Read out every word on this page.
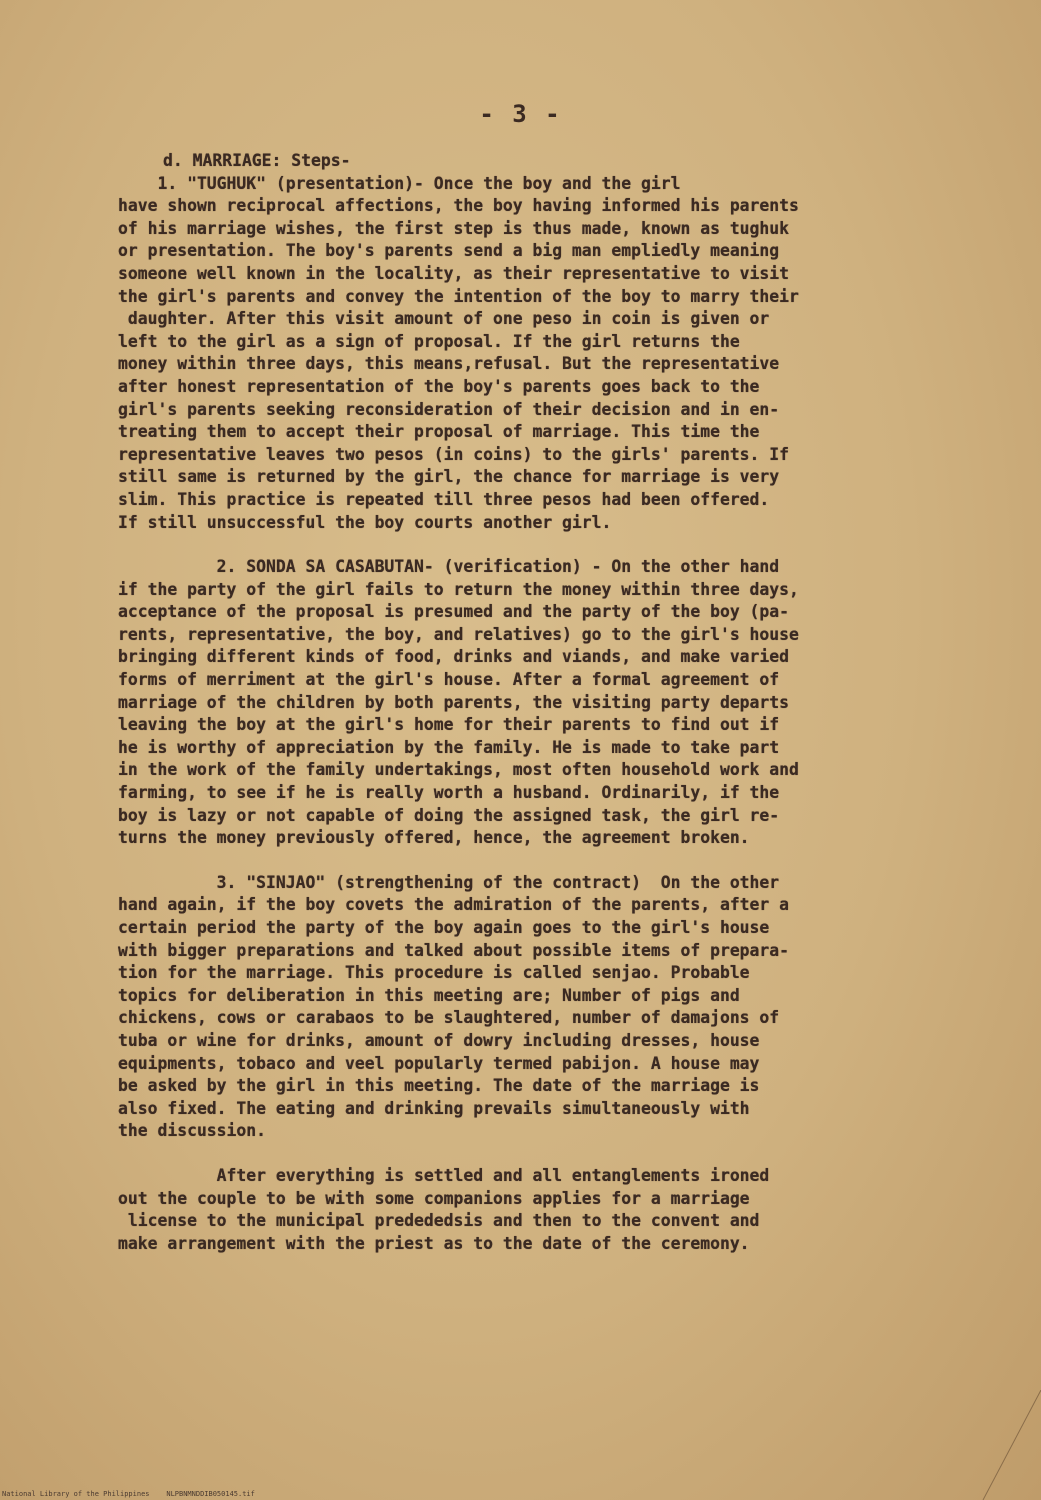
- 3 -
d. MARRIAGE: Steps-
1. "TUGHUK" (presentation)- Once the boy and the girl
have shown reciprocal affections, the boy having informed his parents
of his marriage wishes, the first step is thus made, known as tughuk
or presentation. The boy's parents send a big man empliedly meaning
someone well known in the locality, as their representative to visit
the girl's parents and convey the intention of the boy to marry their
daughter. After this visit amount of one peso in coin is given or
left to the girl as a sign of proposal. If the girl returns the
money within three days, this means,refusal. But the representative
after honest representation of the boy's parents goes back to the
girl's parents seeking reconsideration of their decision and in en-
treating them to accept their proposal of marriage. This time the
representative leaves two pesos (in coins) to the girls' parents. If
still same is returned by the girl, the chance for marriage is very
slim. This practice is repeated till three pesos had been offered.
If still unsuccessful the boy courts another girl.
2. SONDA SA CASABUTAN- (verification) - On the other hand
if the party of the girl fails to return the money within three days,
acceptance of the proposal is presumed and the party of the boy (pa-
rents, representative, the boy, and relatives) go to the girl's house
bringing different kinds of food, drinks and viands, and make varied
forms of merriment at the girl's house. After a formal agreement of
marriage of the children by both parents, the visiting party departs
leaving the boy at the girl's home for their parents to find out if
he is worthy of appreciation by the family. He is made to take part
in the work of the family undertakings, most often household work and
farming, to see if he is really worth a husband. Ordinarily, if the
boy is lazy or not capable of doing the assigned task, the girl re-
turns the money previously offered, hence, the agreement broken.
3. "SINJAO" (strengthening of the contract)  On the other
hand again, if the boy covets the admiration of the parents, after a
certain period the party of the boy again goes to the girl's house
with bigger preparations and talked about possible items of prepara-
tion for the marriage. This procedure is called senjao. Probable
topics for deliberation in this meeting are; Number of pigs and
chickens, cows or carabaos to be slaughtered, number of damajons of
tuba or wine for drinks, amount of dowry including dresses, house
equipments, tobaco and veel popularly termed pabijon. A house may
be asked by the girl in this meeting. The date of the marriage is
also fixed. The eating and drinking prevails simultaneously with
the discussion.
After everything is settled and all entanglements ironed
out the couple to be with some companions applies for a marriage
license to the municipal predededsis and then to the convent and
make arrangement with the priest as to the date of the ceremony.
National Library of the Philippines    NLPBNMNDDIB050145.tif
